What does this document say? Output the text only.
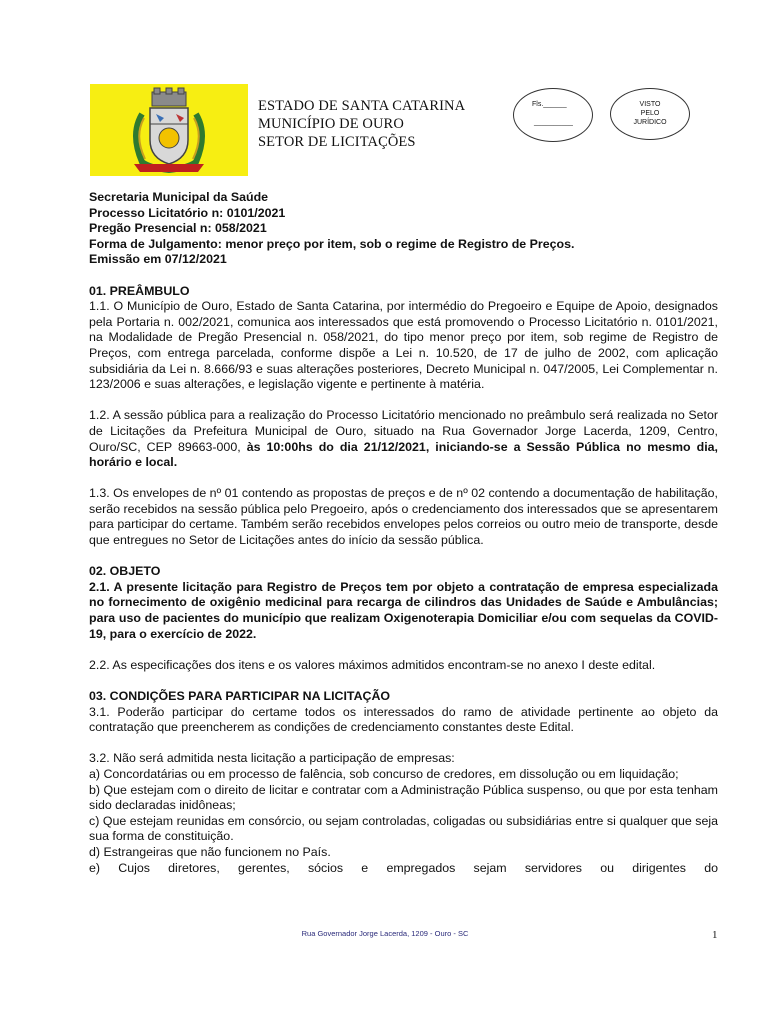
ESTADO DE SANTA CATARINA
MUNICÍPIO DE OURO
SETOR DE LICITAÇÕES
Fls.______
__________
VISTO
PELO
JURÍDICO

Secretaria Municipal da Saúde

Processo Licitatório n: 0101/2021

Pregão Presencial n: 058/2021

Forma de Julgamento: menor preço por item, sob o regime de Registro de Preços.

Emissão em 07/12/2021

01. PREÂMBULO

1.1. O Município de Ouro, Estado de Santa Catarina, por intermédio do Pregoeiro e Equipe de Apoio, designados pela Portaria n. 002/2021, comunica aos interessados que está promovendo o Processo Licitatório n. 0101/2021, na Modalidade de Pregão Presencial n. 058/2021, do tipo menor preço por item, sob regime de Registro de Preços, com entrega parcelada, conforme dispõe a Lei n. 10.520, de 17 de julho de 2002, com aplicação subsidiária da Lei n. 8.666/93 e suas alterações posteriores, Decreto Municipal n. 047/2005, Lei Complementar n. 123/2006 e suas alterações, e legislação vigente e pertinente à matéria.

1.2. A sessão pública para a realização do Processo Licitatório mencionado no preâmbulo será realizada no Setor de Licitações da Prefeitura Municipal de Ouro, situado na Rua Governador Jorge Lacerda, 1209, Centro, Ouro/SC, CEP 89663-000, às 10:00hs do dia 21/12/2021, iniciando-se a Sessão Pública no mesmo dia, horário e local.

1.3. Os envelopes de nº 01 contendo as propostas de preços e de nº 02 contendo a documentação de habilitação, serão recebidos na sessão pública pelo Pregoeiro, após o credenciamento dos interessados que se apresentarem para participar do certame. Também serão recebidos envelopes pelos correios ou outro meio de transporte, desde que entregues no Setor de Licitações antes do início da sessão pública.

02. OBJETO

2.1. A presente licitação para Registro de Preços tem por objeto a contratação de empresa especializada no fornecimento de oxigênio medicinal para recarga de cilindros das Unidades de Saúde e Ambulâncias; para uso de pacientes do município que realizam Oxigenoterapia Domiciliar e/ou com sequelas da COVID-19, para o exercício de 2022.

2.2. As especificações dos itens e os valores máximos admitidos encontram-se no anexo I deste edital.

03. CONDIÇÕES PARA PARTICIPAR NA LICITAÇÃO

3.1. Poderão participar do certame todos os interessados do ramo de atividade pertinente ao objeto da contratação que preencherem as condições de credenciamento constantes deste Edital.

3.2. Não será admitida nesta licitação a participação de empresas:

a) Concordatárias ou em processo de falência, sob concurso de credores, em dissolução ou em liquidação;

b) Que estejam com o direito de licitar e contratar com a Administração Pública suspenso, ou que por esta tenham sido declaradas inidôneas;

c) Que estejam reunidas em consórcio, ou sejam controladas, coligadas ou subsidiárias entre si qualquer que seja sua forma de constituição.

d) Estrangeiras que não funcionem no País.

e) Cujos diretores, gerentes, sócios e empregados sejam servidores ou dirigentes do

Rua Governador Jorge Lacerda, 1209 - Ouro - SC	1
